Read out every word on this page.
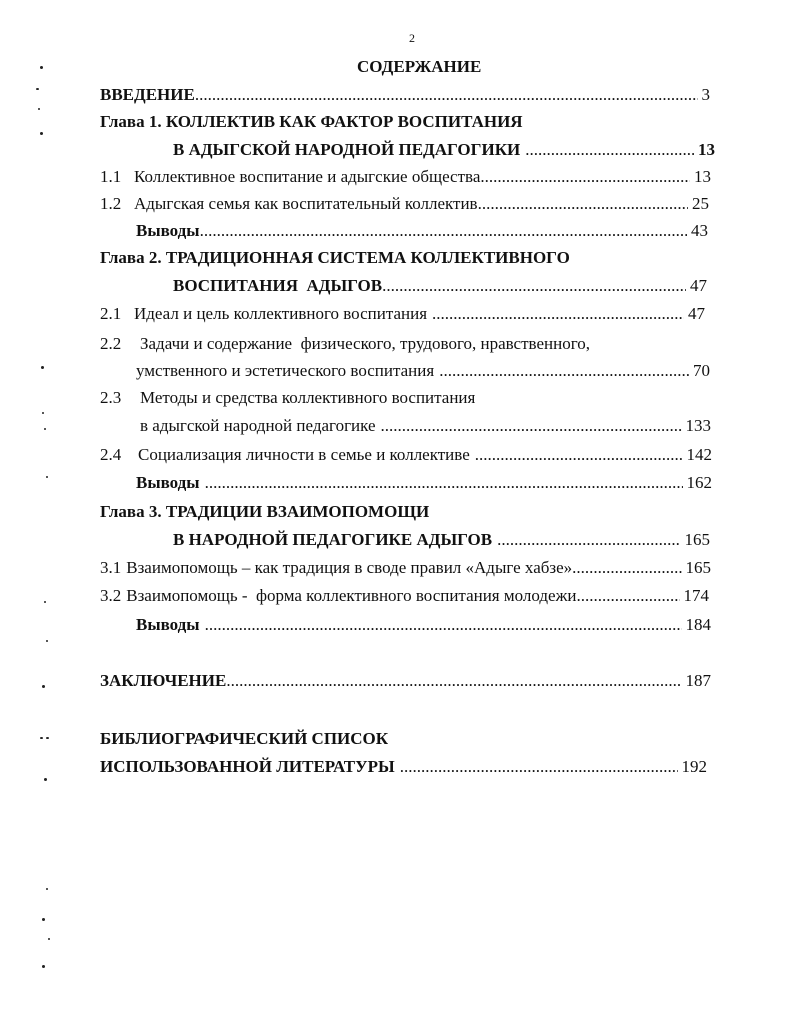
2
СОДЕРЖАНИЕ
ВВЕДЕНИЕ .....	3
Глава 1. КОЛЛЕКТИВ КАК ФАКТОР ВОСПИТАНИЯ
В АДЫГСКОЙ НАРОДНОЙ ПЕДАГОГИКИ .....	13
1.1 Коллективное воспитание и адыгские общества .....	13
1.2 Адыгская семья как воспитательный коллектив .....	25
Выводы .....	43
Глава 2. ТРАДИЦИОННАЯ СИСТЕМА КОЛЛЕКТИВНОГО
ВОСПИТАНИЯ  АДЫГОВ .....	47
2.1 Идеал и цель коллективного воспитания .....	47
2.2	Задачи и содержание  физического, трудового, нравственного,
умственного и эстетического воспитания .....	70
2.3	Методы и средства коллективного воспитания
в адыгской народной педагогике .....	133
2.4 Социализация личности в семье и коллективе .....	142
Выводы .....	162
Глава 3. ТРАДИЦИИ ВЗАИМОПОМОЩИ
В НАРОДНОЙ ПЕДАГОГИКЕ АДЫГОВ .....	165
3.1 Взаимопомощь – как традиция в своде правил «Адыге хабзе» .....	165
3.2 Взаимопомощь -  форма коллективного воспитания молодежи .....	174
Выводы .....	184
ЗАКЛЮЧЕНИЕ .....	187
БИБЛИОГРАФИЧЕСКИЙ СПИСОК
ИСПОЛЬЗОВАННОЙ ЛИТЕРАТУРЫ .....	192
